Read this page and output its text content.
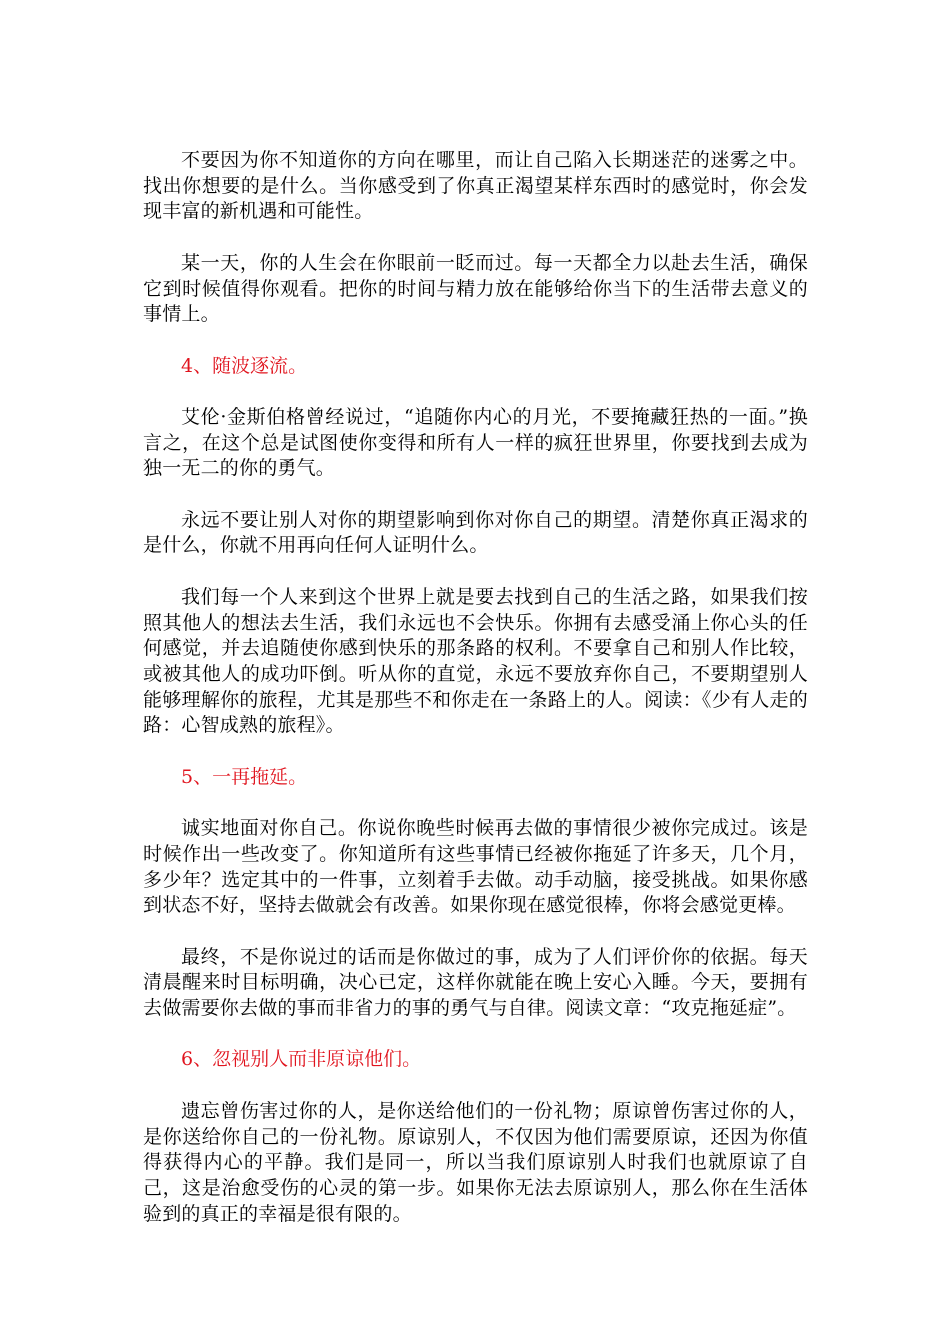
不要因为你不知道你的方向在哪里，而让自己陷入长期迷茫的迷雾之中。找出你想要的是什么。当你感受到了你真正渴望某样东西时的感觉时，你会发现丰富的新机遇和可能性。

某一天，你的人生会在你眼前一眨而过。每一天都全力以赴去生活，确保它到时候值得你观看。把你的时间与精力放在能够给你当下的生活带去意义的事情上。

4、随波逐流。

艾伦·金斯伯格曾经说过，“追随你内心的月光，不要掩藏狂热的一面。”换言之，在这个总是试图使你变得和所有人一样的疯狂世界里，你要找到去成为独一无二的你的勇气。

永远不要让别人对你的期望影响到你对你自己的期望。清楚你真正渴求的是什么，你就不用再向任何人证明什么。

我们每一个人来到这个世界上就是要去找到自己的生活之路，如果我们按照其他人的想法去生活，我们永远也不会快乐。你拥有去感受涌上你心头的任何感觉，并去追随使你感到快乐的那条路的权利。不要拿自己和别人作比较，或被其他人的成功吓倒。听从你的直觉，永远不要放弃你自己，不要期望别人能够理解你的旅程，尤其是那些不和你走在一条路上的人。阅读：《少有人走的路：心智成熟的旅程》。

5、一再拖延。

诚实地面对你自己。你说你晚些时候再去做的事情很少被你完成过。该是时候作出一些改变了。你知道所有这些事情已经被你拖延了许多天，几个月，多少年？选定其中的一件事，立刻着手去做。动手动脑，接受挑战。如果你感到状态不好，坚持去做就会有改善。如果你现在感觉很棒，你将会感觉更棒。

最终，不是你说过的话而是你做过的事，成为了人们评价你的依据。每天清晨醒来时目标明确，决心已定，这样你就能在晚上安心入睡。今天，要拥有去做需要你去做的事而非省力的事的勇气与自律。阅读文章：“攻克拖延症”。

6、忽视别人而非原谅他们。

遗忘曾伤害过你的人，是你送给他们的一份礼物；原谅曾伤害过你的人，是你送给你自己的一份礼物。原谅别人，不仅因为他们需要原谅，还因为你值得获得内心的平静。我们是同一，所以当我们原谅别人时我们也就原谅了自己，这是治愈受伤的心灵的第一步。如果你无法去原谅别人，那么你在生活体验到的真正的幸福是很有限的。
